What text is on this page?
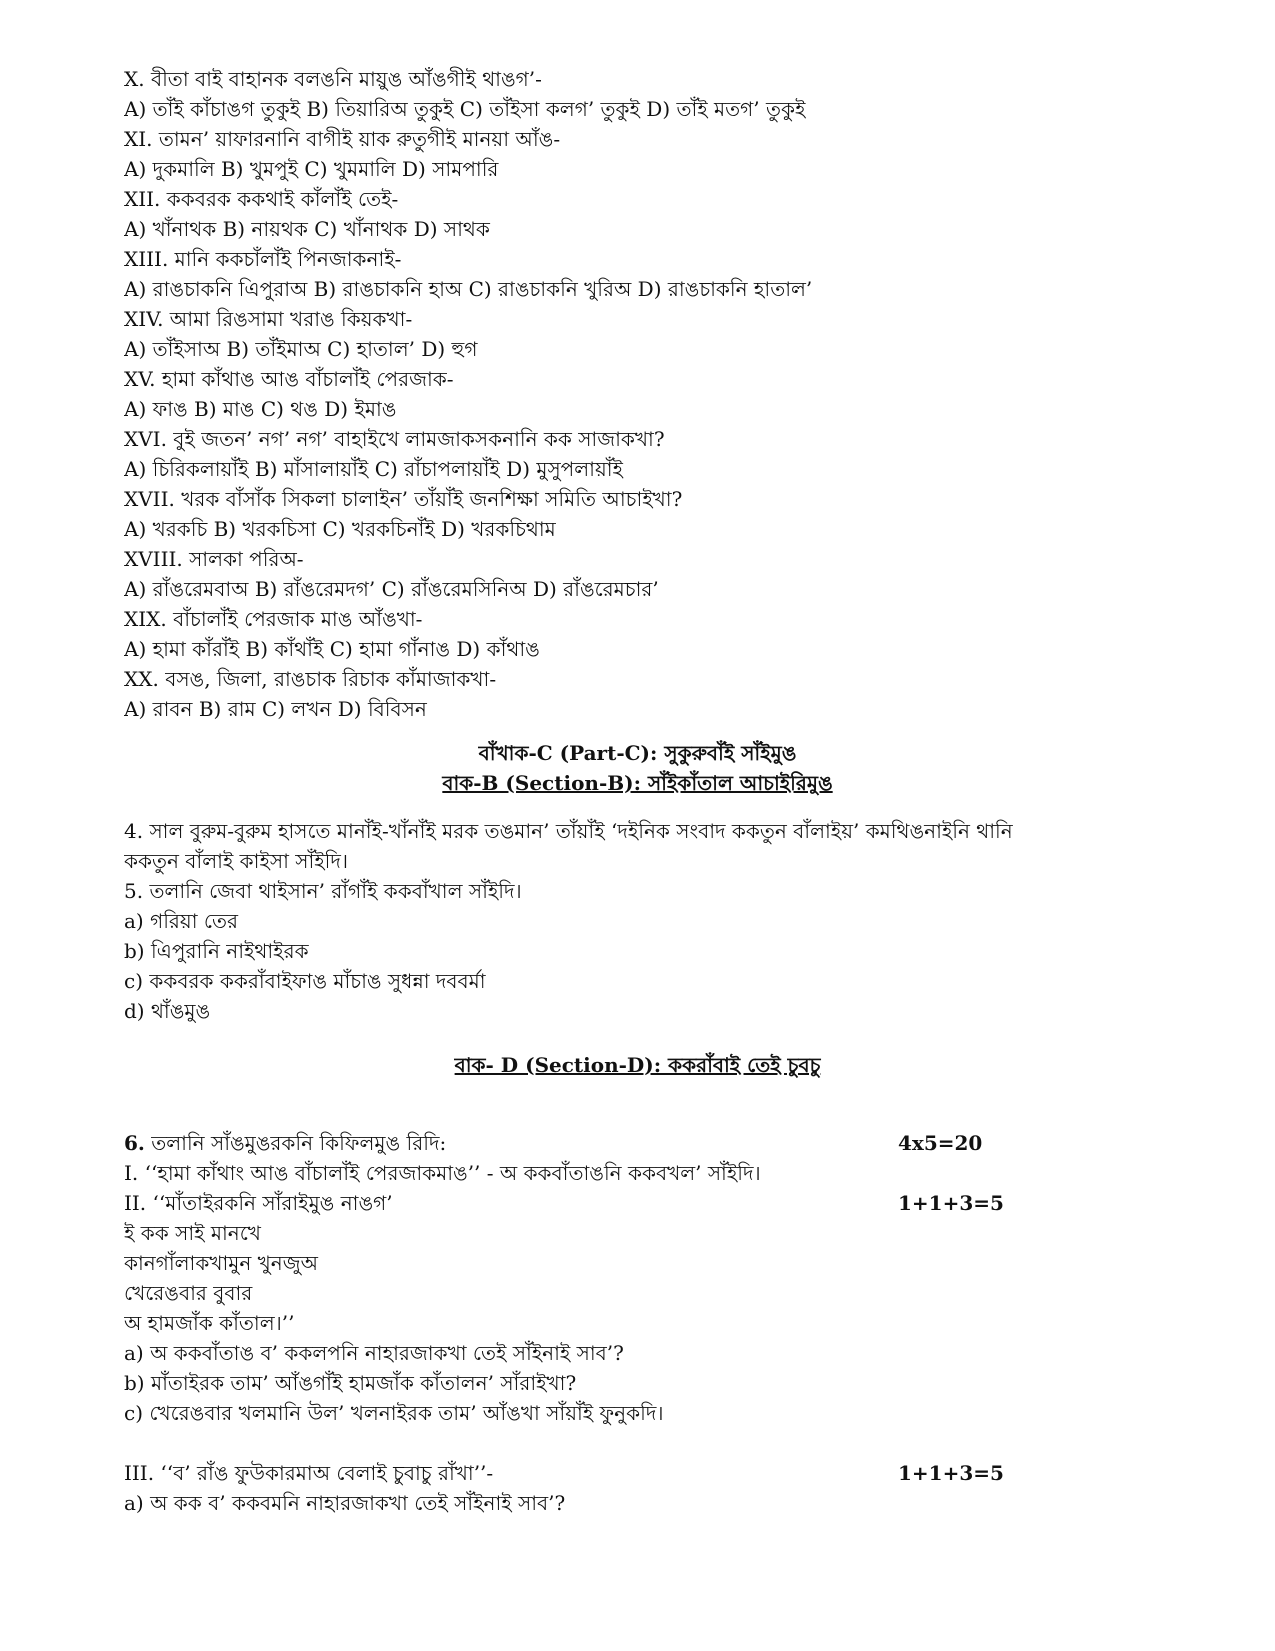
X. বীতা বাই বাহানক বলঙনি মায়ুঙ আঁঙগীই থাঙগ’-
A) তাঁই কাঁচাঙগ তুকুই B) তিয়ারিঅ তুকুই C) তাঁইসা কলগ’ তুকুই D) তাঁই মতগ’ তুকুই
XI. তামন’ য়াফারনানি বাগীই য়াক রুতুগীই মানয়া আঁঙ-
A) দুকমালি B) খুমপুই C) খুমমালি D) সামপারি
XII. ককবরক ককথাই কাঁলাঁই তেই-
A) খাঁনাথক B) নায়থক C) খাঁনাথক D) সাথক
XIII. মানি ককচাঁলাঁই পিনজাকনাই-
A) রাঙচাকনি এিপুরাঅ B) রাঙচাকনি হাঅ C) রাঙচাকনি খুরিঅ D) রাঙচাকনি হাতাল’
XIV. আমা রিঙসামা খরাঙ কিয়কখা-
A) তাঁইসাঅ B) তাঁইমাঅ C) হাতাল’ D) হুগ
XV. হামা কাঁথাঙ আঙ বাঁচালাঁই পেরজাক-
A) ফাঙ B) মাঙ C) থঙ D) ইমাঙ
XVI. বুই জতন’ নগ’ নগ’ বাহাইখে লামজাকসকনানি কক সাজাকখা?
A) চিরিকলায়াঁই B) মাঁসালায়াঁই C) রাঁচাপলায়াঁই D) মুসুপলায়াঁই
XVII. খরক বাঁসাঁক সিকলা চালাইন’ তাঁয়াঁই জনশিক্ষা সমিতি আচাইখা?
A) খরকচি B) খরকচিসা C) খরকচিনাঁই D) খরকচিথাম
XVIII. সালকা পরিঅ-
A) রাঁঙরেমবাঅ B) রাঁঙরেমদগ’ C) রাঁঙরেমসিনিঅ D) রাঁঙরেমচার’
XIX. বাঁচালাঁই পেরজাক মাঙ আঁঙখা-
A) হামা কাঁরাঁই B) কাঁথাঁই C) হামা গাঁনাঙ D) কাঁথাঙ
XX. বসঙ, জিলা, রাঙচাক রিচাক কাঁমাজাকখা-
A) রাবন B) রাম C) লখন D) বিবিসন
বাঁখাক-C (Part-C): সুকুরুবাঁই সাঁইমুঙ
বাক-B (Section-B): সাঁইকাঁতাল আচাইরিমুঙ
4. সাল বুরুম-বুরুম হাসতে মানাঁই-খাঁনাঁই মরক তঙমান’ তাঁয়াঁই ‘দইনিক সংবাদ ককতুন বাঁলাইয়’ কমথিঙনাইনি থানি
ককতুন বাঁলাই কাইসা সাঁইদি।
5. তলানি জেবা থাইসান’ রাঁগাঁই ককবাঁখাল সাঁইদি।
a) গরিয়া তের
b) এিপুরানি নাইথাইরক
c) ককবরক ককরাঁবাইফাঙ মাঁচাঙ সুধন্না দববর্মা
d) থাঁঙমুঙ
বাক- D (Section-D): ককরাঁবাই তেই চুবচু
6. তলানি সাঁঙমুঙরকনি কিফিলমুঙ রিদি:	4x5=20
I. ‘‘হামা কাঁথাং আঙ বাঁচালাঁই পেরজাকমাঙ’’ - অ ককবাঁতাঙনি ককবখল’ সাঁইদি।
II. ‘‘মাঁতাইরকনি সাঁরাইমুঙ নাঙগ’	1+1+3=5
ই কক সাই মানখে
কানগাঁলাকখামুন খুনজুঅ
খেরেঙবার বুবার
অ হামজাঁক কাঁতাল।’’
a) অ ককবাঁতাঙ ব’ ককলপনি নাহারজাকখা তেই সাঁইনাই সাব’?
b) মাঁতাইরক তাম’ আঁঙগাঁই হামজাঁক কাঁতালন’ সাঁরাইখা?
c) খেরেঙবার খলমানি উল’ খলনাইরক তাম’ আঁঙখা সাঁয়াঁই ফুনুকদি।
III. ‘‘ব’ রাঁঙ ফুউকারমাঅ বেলাই চুবাচু রাঁখা’’-	1+1+3=5
a) অ কক ব’ ককবমনি নাহারজাকখা তেই সাঁইনাই সাব’?
